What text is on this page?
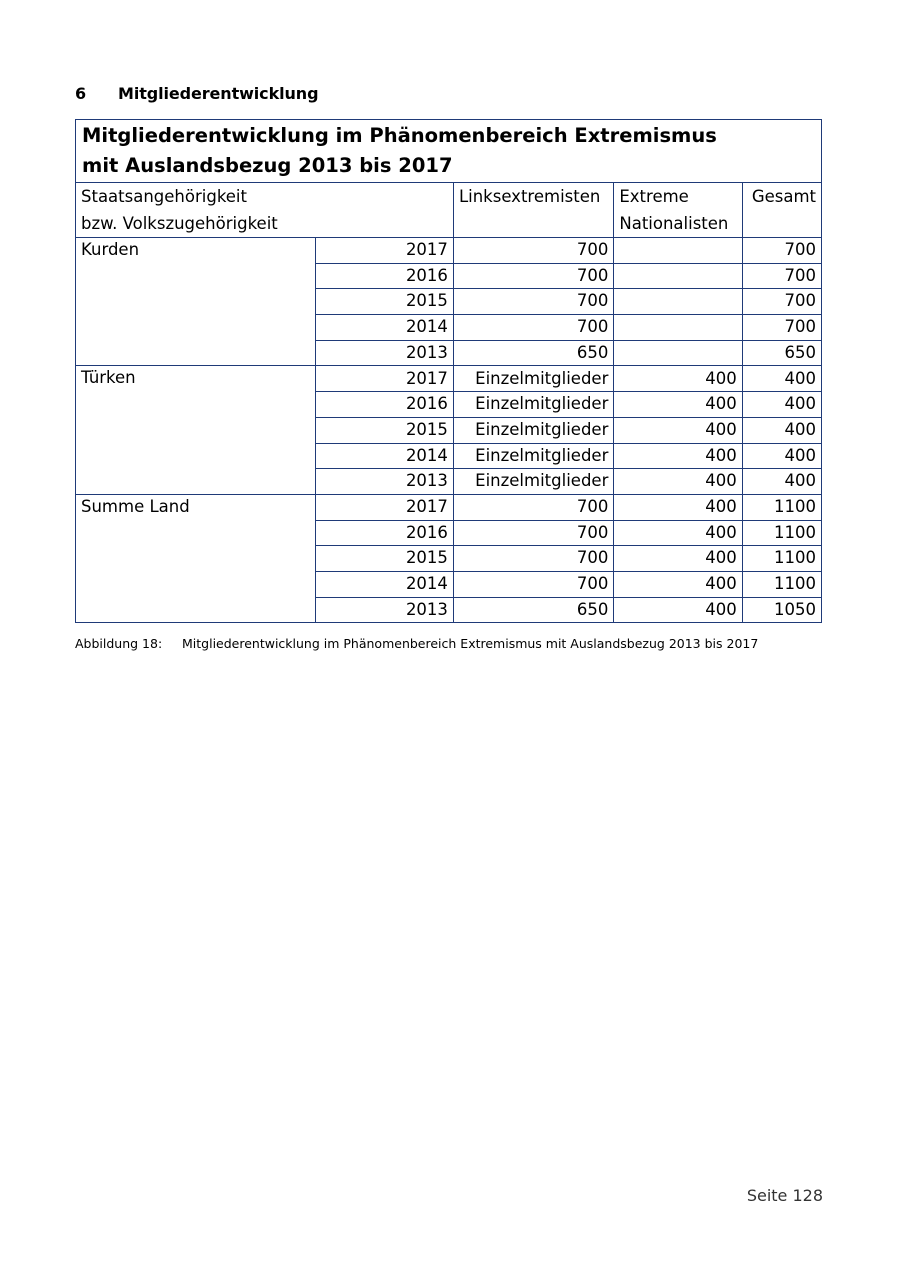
6 Mitgliederentwicklung
Mitgliederentwicklung im Phänomenbereich Extremismus
mit Auslandsbezug 2013 bis 2017				
Staatsangehörigkeit
bzw. Volkszugehörigkeit		Linksextremisten	Extreme
Nationalisten	Gesamt
Kurden	2017	700		700
	2016	700		700
	2015	700		700
	2014	700		700
	2013	650		650
Türken	2017	Einzelmitglieder	400	400
	2016	Einzelmitglieder	400	400
	2015	Einzelmitglieder	400	400
	2014	Einzelmitglieder	400	400
	2013	Einzelmitglieder	400	400
Summe Land	2017	700	400	1100
	2016	700	400	1100
	2015	700	400	1100
	2014	700	400	1100
	2013	650	400	1050
Abbildung 18: Mitgliederentwicklung im Phänomenbereich Extremismus mit Auslandsbezug 2013 bis 2017
Seite 128
